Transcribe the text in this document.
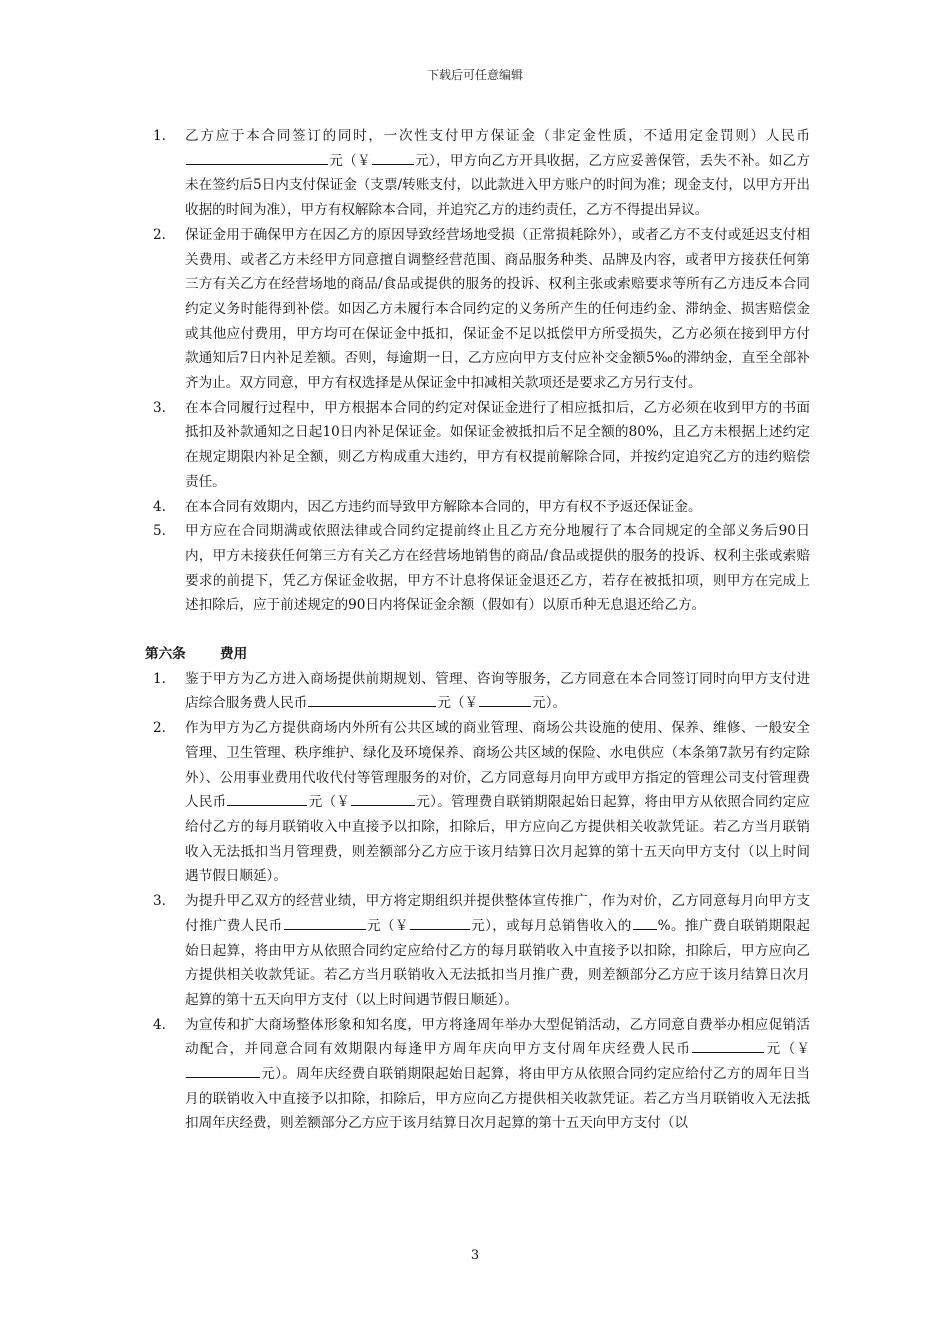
下载后可任意编辑
1.	乙方应于本合同签订的同时，一次性支付甲方保证金（非定金性质，不适用定金罚则）人民币元（￥	元），甲方向乙方开具收据，乙方应妥善保管，丢失不补。如乙方未在签约后5日内支付保证金（支票/转账支付，以此款进入甲方账户的时间为准；现金支付，以甲方开出收据的时间为准），甲方有权解除本合同，并追究乙方的违约责任，乙方不得提出异议。
2.	保证金用于确保甲方在因乙方的原因导致经营场地受损（正常损耗除外），或者乙方不支付或延迟支付相关费用、或者乙方未经甲方同意擅自调整经营范围、商品服务种类、品牌及内容，或者甲方接获任何第三方有关乙方在经营场地的商品/食品或提供的服务的投诉、权利主张或索赔要求等所有乙方违反本合同约定义务时能得到补偿。如因乙方未履行本合同约定的义务所产生的任何违约金、滞纳金、损害赔偿金或其他应付费用，甲方均可在保证金中抵扣，保证金不足以抵偿甲方所受损失，乙方必须在接到甲方付款通知后7日内补足差额。否则，每逾期一日，乙方应向甲方支付应补交金额5‰的滞纳金，直至全部补齐为止。双方同意，甲方有权选择是从保证金中扣减相关款项还是要求乙方另行支付。
3.	在本合同履行过程中，甲方根据本合同的约定对保证金进行了相应抵扣后，乙方必须在收到甲方的书面抵扣及补款通知之日起10日内补足保证金。如保证金被抵扣后不足全额的80%，且乙方未根据上述约定在规定期限内补足全额，则乙方构成重大违约，甲方有权提前解除合同，并按约定追究乙方的违约赔偿责任。
4.	在本合同有效期内，因乙方违约而导致甲方解除本合同的，甲方有权不予返还保证金。
5.	甲方应在合同期满或依照法律或合同约定提前终止且乙方充分地履行了本合同规定的全部义务后90日内，甲方未接获任何第三方有关乙方在经营场地销售的商品/食品或提供的服务的投诉、权利主张或索赔要求的前提下，凭乙方保证金收据，甲方不计息将保证金退还乙方，若存在被抵扣项，则甲方在完成上述扣除后，应于前述规定的90日内将保证金余额（假如有）以原币种无息退还给乙方。
第六条	费用
1.	鉴于甲方为乙方进入商场提供前期规划、管理、咨询等服务，乙方同意在本合同签订同时向甲方支付进店综合服务费人民币	元（￥	元）。
2.	作为甲方为乙方提供商场内外所有公共区域的商业管理、商场公共设施的使用、保养、维修、一般安全管理、卫生管理、秩序维护、绿化及环境保养、商场公共区域的保险、水电供应（本条第7款另有约定除外）、公用事业费用代收代付等管理服务的对价，乙方同意每月向甲方或甲方指定的管理公司支付管理费人民币	元（￥	元）。管理费自联销期限起始日起算，将由甲方从依照合同约定应给付乙方的每月联销收入中直接予以扣除，扣除后，甲方应向乙方提供相关收款凭证。若乙方当月联销收入无法抵扣当月管理费，则差额部分乙方应于该月结算日次月起算的第十五天向甲方支付（以上时间遇节假日顺延）。
3.	为提升甲乙双方的经营业绩，甲方将定期组织并提供整体宣传推广，作为对价，乙方同意每月向甲方支付推广费人民币	元（￥	元），或每月总销售收入的 %。推广费自联销期限起始日起算，将由甲方从依照合同约定应给付乙方的每月联销收入中直接予以扣除，扣除后，甲方应向乙方提供相关收款凭证。若乙方当月联销收入无法抵扣当月推广费，则差额部分乙方应于该月结算日次月起算的第十五天向甲方支付（以上时间遇节假日顺延）。
4.	为宣传和扩大商场整体形象和知名度，甲方将逢周年举办大型促销活动，乙方同意自费举办相应促销活动配合，并同意合同有效期限内每逢甲方周年庆向甲方支付周年庆经费人民币	元（￥元）。周年庆经费自联销期限起始日起算，将由甲方从依照合同约定应给付乙方的周年日当月的联销收入中直接予以扣除，扣除后，甲方应向乙方提供相关收款凭证。若乙方当月联销收入无法抵扣周年庆经费，则差额部分乙方应于该月结算日次月起算的第十五天向甲方支付（以
3
